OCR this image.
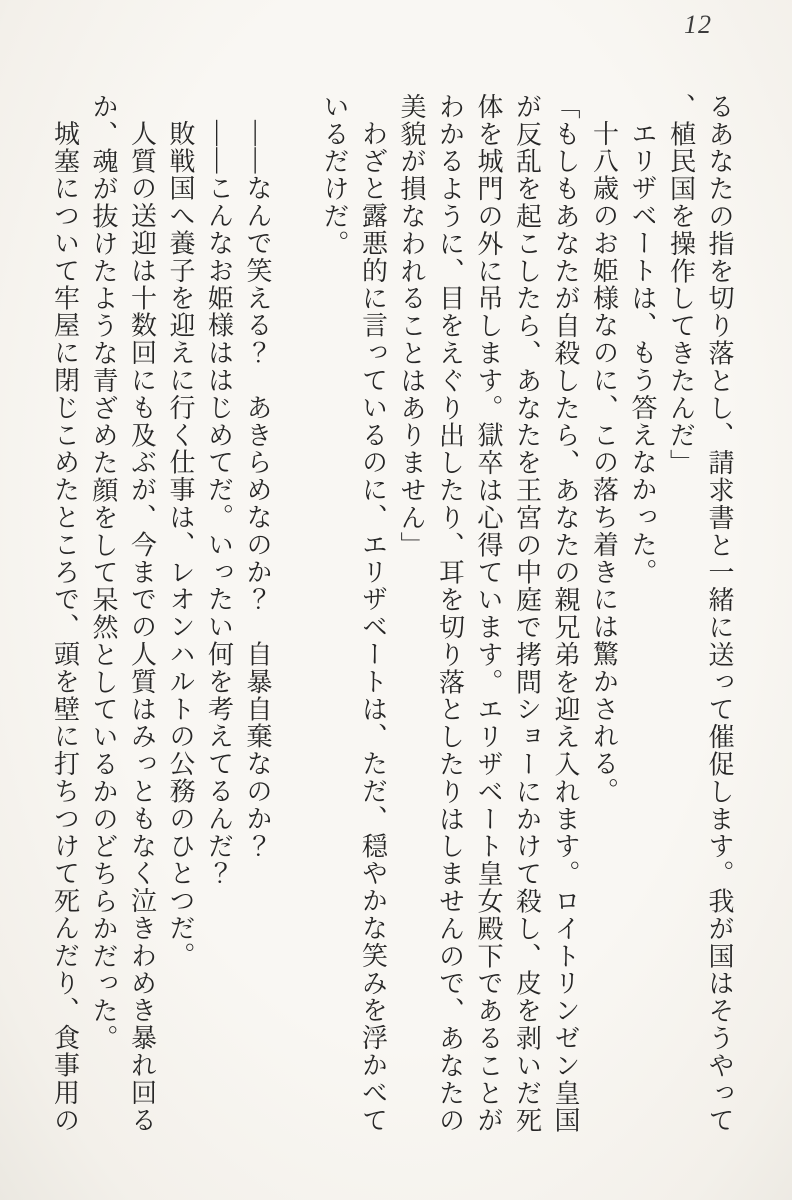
12

るあなたの指を切り落とし、請求書と一緒に送って催促します。我が国はそうやって、植民国を操作してきたんだ」

エリザベートは、もう答えなかった。

十八歳のお姫様なのに、この落ち着きには驚かされる。

「もしもあなたが自殺したら、あなたの親兄弟を迎え入れます。ロイトリンゼン皇国が反乱を起こしたら、あなたを王宮の中庭で拷問ショーにかけて殺し、皮を剥いだ死体を城門の外に吊します。獄卒は心得ています。エリザベート皇女殿下であることがわかるように、目をえぐり出したり、耳を切り落としたりはしませんので、あなたの美貌が損なわれることはありません」

わざと露悪的に言っているのに、エリザベートは、ただ、穏やかな笑みを浮かべているだけだ。

――なんで笑える？　あきらめなのか？　自暴自棄なのか？

――こんなお姫様ははじめてだ。いったい何を考えてるんだ？

敗戦国へ養子を迎えに行く仕事は、レオンハルトの公務のひとつだ。

人質の送迎は十数回にも及ぶが、今までの人質はみっともなく泣きわめき暴れ回るか、魂が抜けたような青ざめた顔をして呆然としているかのどちらかだった。

城塞について牢屋に閉じこめたところで、頭を壁に打ちつけて死んだり、食事用の
